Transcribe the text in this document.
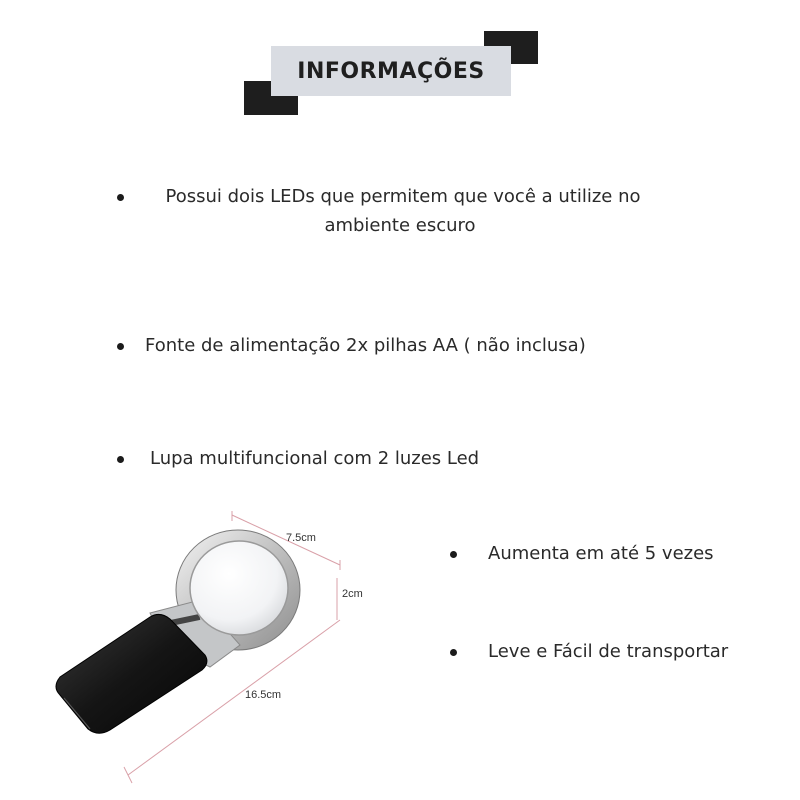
INFORMAÇÕES
Possui dois LEDs que permitem que você a utilize no
ambiente escuro
Fonte de alimentação 2x pilhas AA ( não inclusa)
Lupa multifuncional com 2 luzes Led
Aumenta em até 5 vezes
Leve e Fácil de transportar
7.5cm
2cm
16.5cm
